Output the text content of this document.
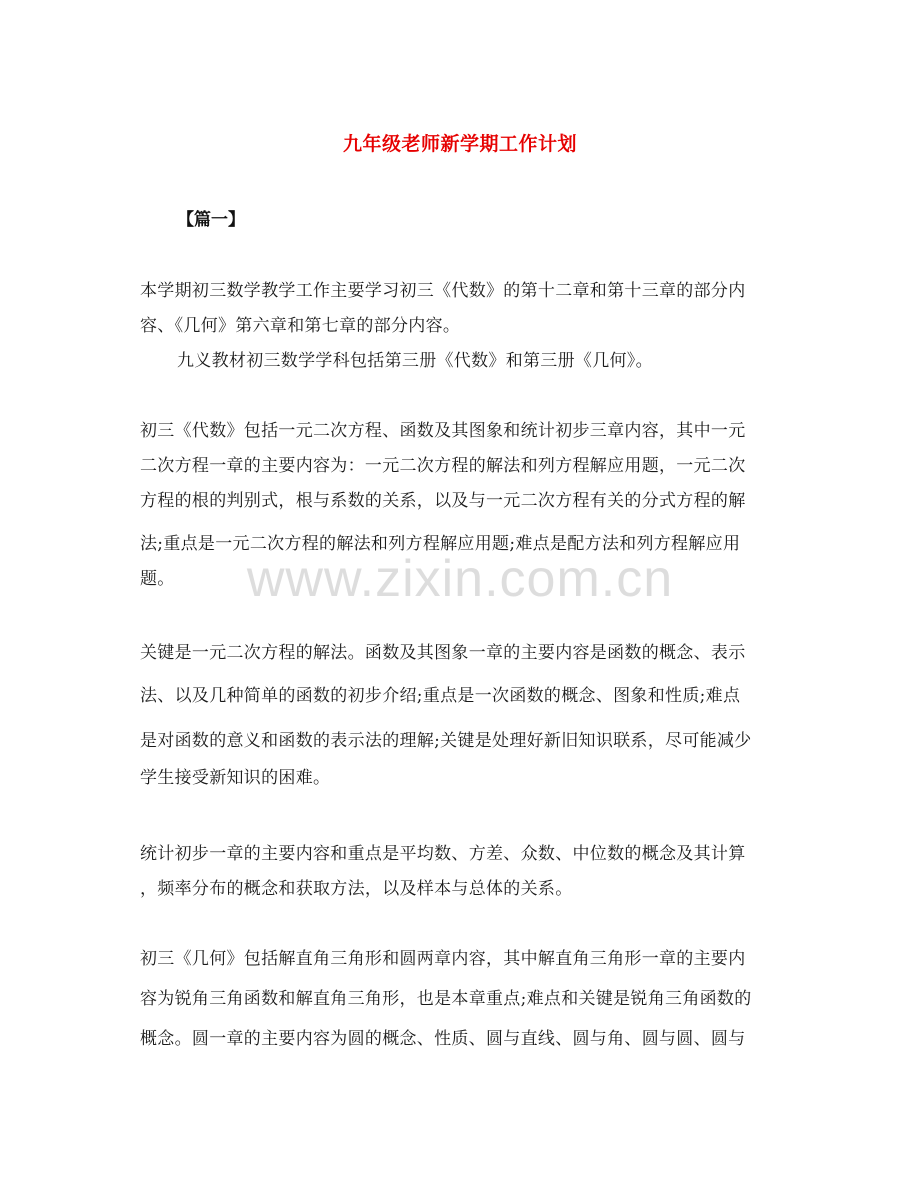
九年级老师新学期工作计划
【篇一】
本学期初三数学教学工作主要学习初三《代数》的第十二章和第十三章的部分内
容、《几何》第六章和第七章的部分内容。
九义教材初三数学学科包括第三册《代数》和第三册《几何》。
初三《代数》包括一元二次方程、函数及其图象和统计初步三章内容，其中一元
二次方程一章的主要内容为：一元二次方程的解法和列方程解应用题，一元二次
方程的根的判别式，根与系数的关系，以及与一元二次方程有关的分式方程的解
法;重点是一元二次方程的解法和列方程解应用题;难点是配方法和列方程解应用
题。
关键是一元二次方程的解法。函数及其图象一章的主要内容是函数的概念、表示
法、以及几种简单的函数的初步介绍;重点是一次函数的概念、图象和性质;难点
是对函数的意义和函数的表示法的理解;关键是处理好新旧知识联系，尽可能减少
学生接受新知识的困难。
统计初步一章的主要内容和重点是平均数、方差、众数、中位数的概念及其计算
，频率分布的概念和获取方法，以及样本与总体的关系。
初三《几何》包括解直角三角形和圆两章内容，其中解直角三角形一章的主要内
容为锐角三角函数和解直角三角形，也是本章重点;难点和关键是锐角三角函数的
概念。圆一章的主要内容为圆的概念、性质、圆与直线、圆与角、圆与圆、圆与
www.zixin.com.cn
